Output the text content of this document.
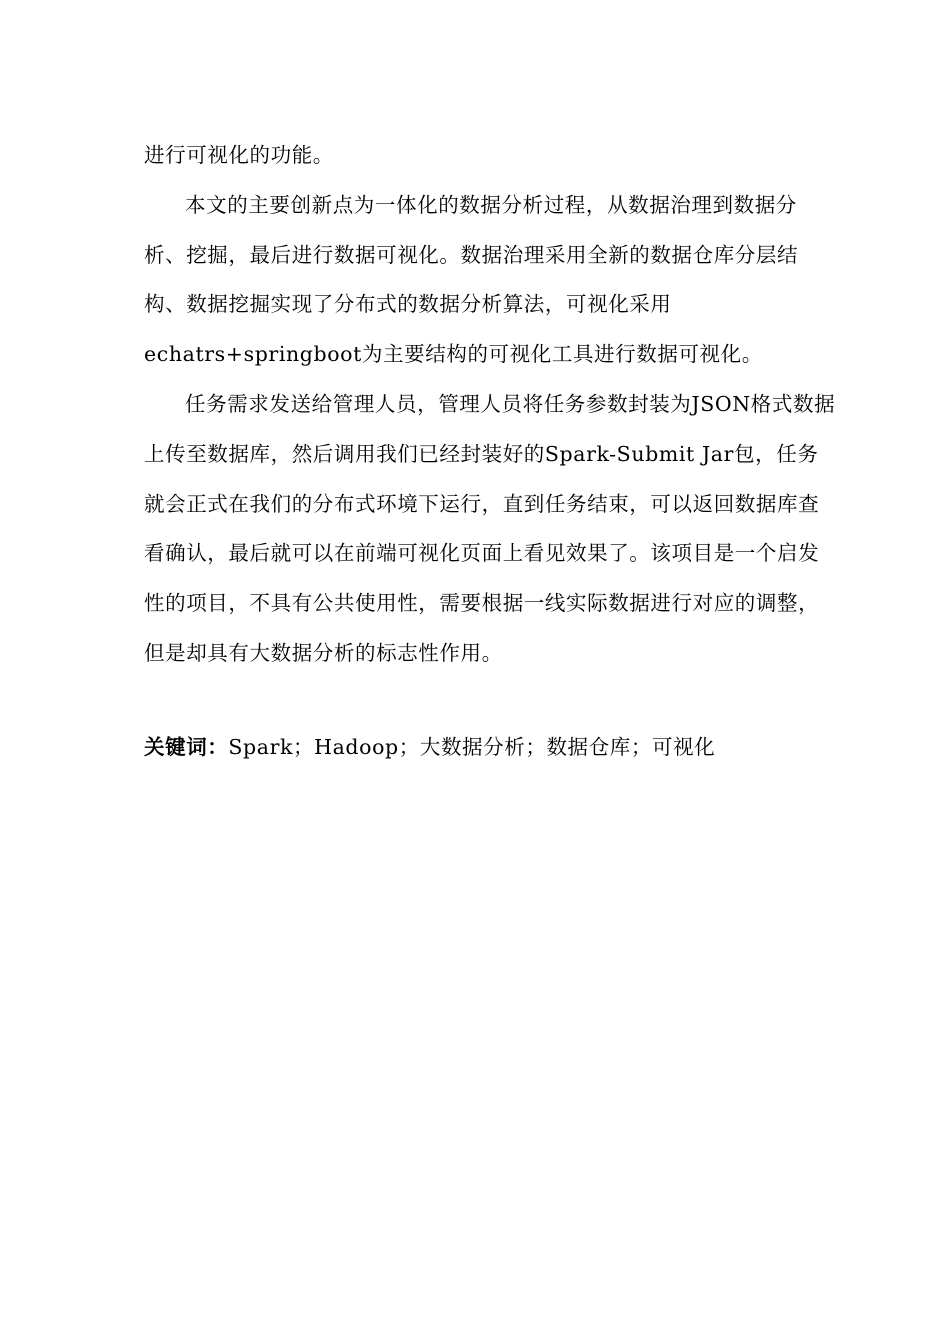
进行可视化的功能。

本文的主要创新点为一体化的数据分析过程，从数据治理到数据分析、挖掘，最后进行数据可视化。数据治理采用全新的数据仓库分层结构、数据挖掘实现了分布式的数据分析算法，可视化采用echatrs+springboot为主要结构的可视化工具进行数据可视化。

任务需求发送给管理人员，管理人员将任务参数封装为JSON格式数据上传至数据库，然后调用我们已经封装好的Spark-Submit Jar包，任务就会正式在我们的分布式环境下运行，直到任务结束，可以返回数据库查看确认，最后就可以在前端可视化页面上看见效果了。该项目是一个启发性的项目，不具有公共使用性，需要根据一线实际数据进行对应的调整，但是却具有大数据分析的标志性作用。

关键词：Spark；Hadoop；大数据分析；数据仓库；可视化
